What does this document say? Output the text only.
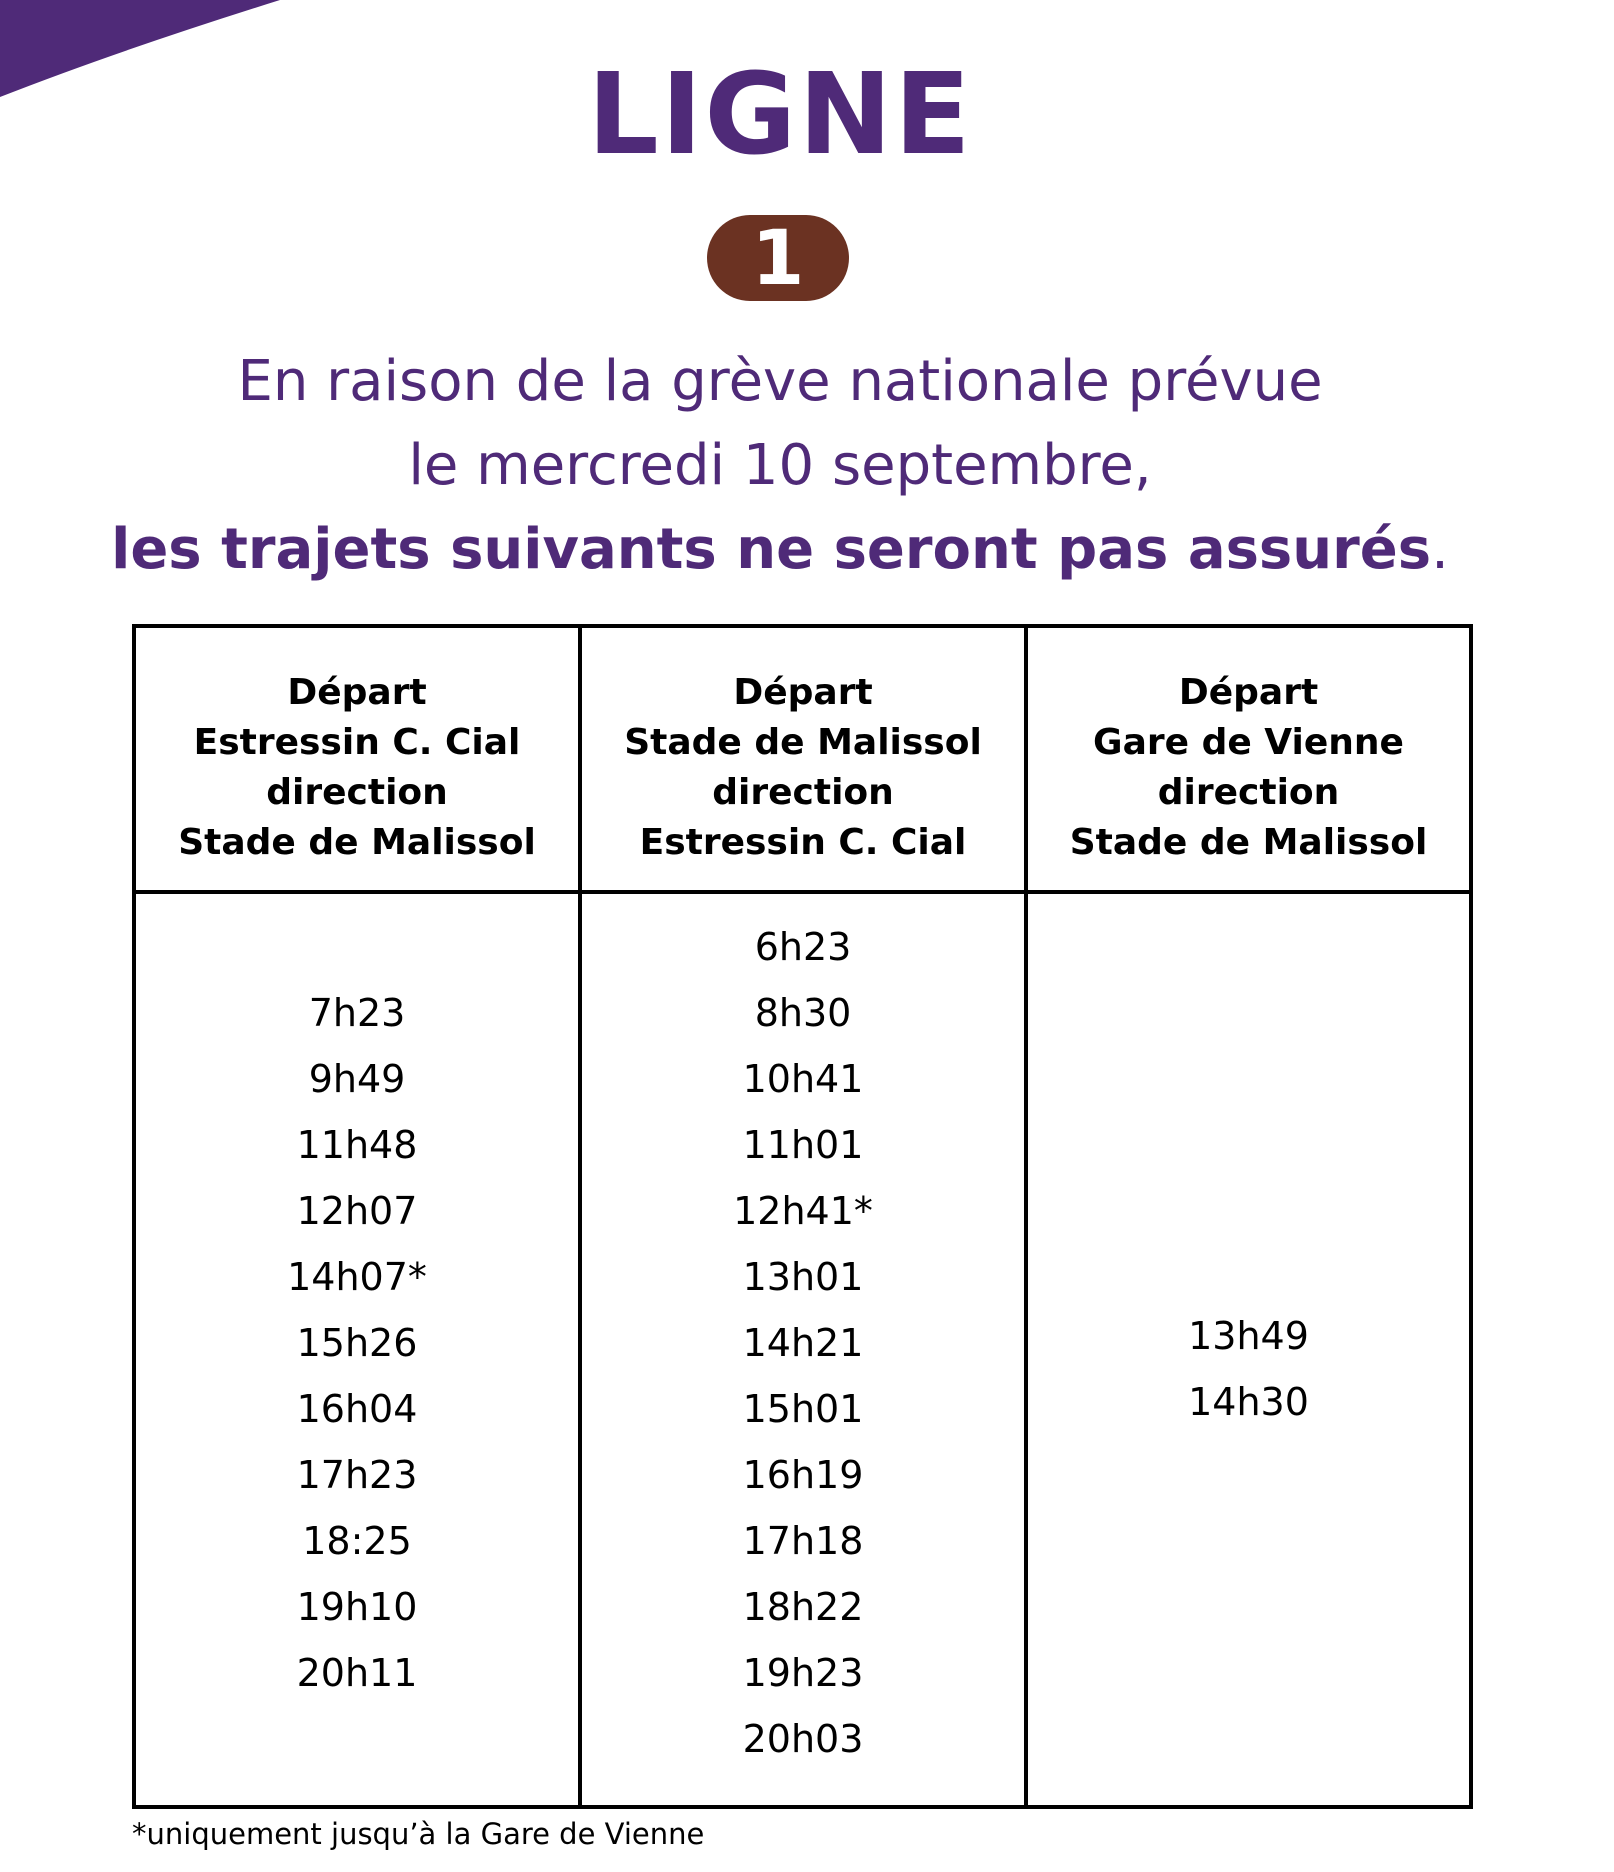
LIGNE
1
En raison de la grève nationale prévue
le mercredi 10 septembre,
les trajets suivants ne seront pas assurés.
Départ
Estressin C. Cial
direction
Stade de Malissol
Départ
Stade de Malissol
direction
Estressin C. Cial
Départ
Gare de Vienne
direction
Stade de Malissol
7h23
9h49
11h48
12h07
14h07*
15h26
16h04
17h23
18:25
19h10
20h11
6h23
8h30
10h41
11h01
12h41*
13h01
14h21
15h01
16h19
17h18
18h22
19h23
20h03
13h49
14h30
*uniquement jusqu’à la Gare de Vienne
